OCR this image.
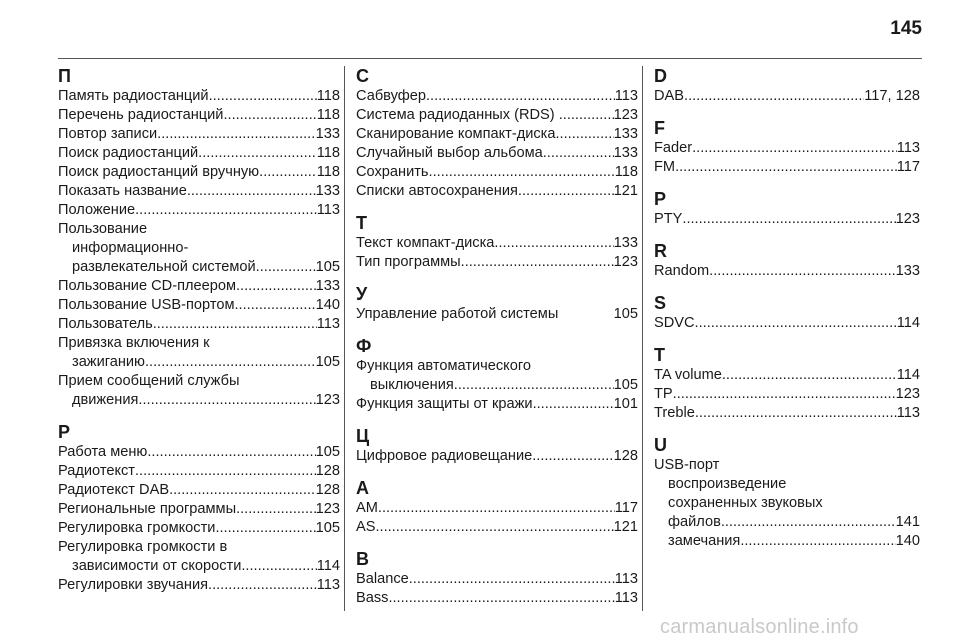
145
П
Память радиостанций .....	118
Перечень радиостанций .....	118
Повтор записи .....	133
Поиск радиостанций .....	118
Поиск радиостанций вручную. .....	118
Показать название .....	133
Положение .....	113
Пользование
информационно-
развлекательной системой .....	105
Пользование CD-плеером .....	133
Пользование USB-портом .....	140
Пользователь .....	113
Привязка включения к
зажиганию .....	105
Прием сообщений службы
движения .....	123
Р
Работа меню .....	105
Радиотекст .....	128
Радиотекст DAB .....	128
Региональные программы .....	123
Регулировка громкости .....	105
Регулировка громкости в
зависимости от скорости .....	114
Регулировки звучания .....	113
С
Сабвуфер .....	113
Система радиоданных (RDS) . .....	123
Сканирование компакт-диска .....	133
Случайный выбор альбома .....	133
Сохранить .....	118
Списки автосохранения .....	121
Т
Текст компакт-диска .....	133
Тип программы .....	123
У
Управление работой системы	105
Ф
Функция автоматического
выключения .....	105
Функция защиты от кражи .....	101
Ц
Цифровое радиовещание .....	128
A
AM .....	117
AS .....	121
B
Balance .....	113
Bass .....	113
D
DAB .....	117, 128
F
Fader .....	113
FM .....	117
P
PTY .....	123
R
Random .....	133
S
SDVC .....	114
T
TA volume .....	114
TP .....	123
Treble .....	113
U
USB-порт
воспроизведение
сохраненных звуковых
файлов .....	141
замечания .....	140
carmanualsonline.info
